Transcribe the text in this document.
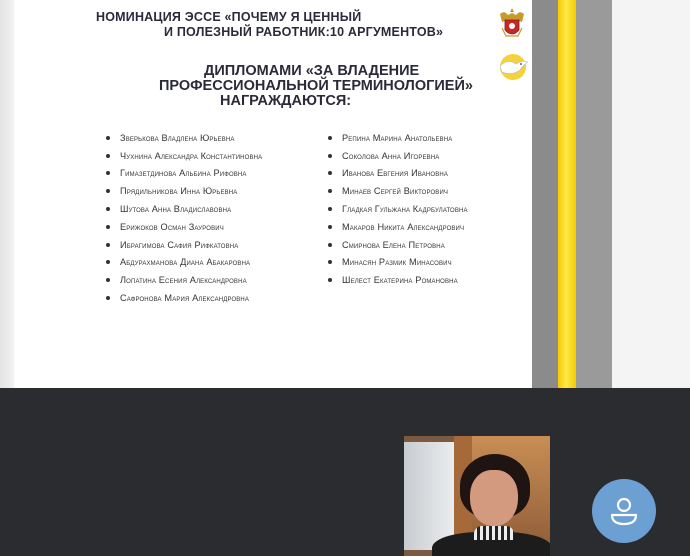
НОМИНАЦИЯ ЭССЕ «ПОЧЕМУ Я ЦЕННЫЙ
И ПОЛЕЗНЫЙ РАБОТНИК:10 АРГУМЕНТОВ»
ДИПЛОМАМИ «ЗА ВЛАДЕНИЕ
ПРОФЕССИОНАЛЬНОЙ ТЕРМИНОЛОГИЕЙ»
НАГРАЖДАЮТСЯ:
Зверькова Владлена Юрьевна
Чухнина Александра Константиновна
Гимазетдинова Альбина Рифовна
Прядильникова Инна Юрьевна
Шутова Анна Владиславовна
Ерижоков Осман Заурович
Ибрагимова Сафия Рифкатовна
Абдурахманова Диана Абакаровна
Лопатина Есения Александровна
Сафронова Мария Александровна
Репина Марина Анатольевна
Соколова Анна Игоревна
Иванова Евгения Ивановна
Минаев Сергей Викторович
Гладкая Гульжана Кадрбулатовна
Макаров Никита Александрович
Смирнова Елена Петровна
Минасян Размик Минасович
Шелест Екатерина Романовна
